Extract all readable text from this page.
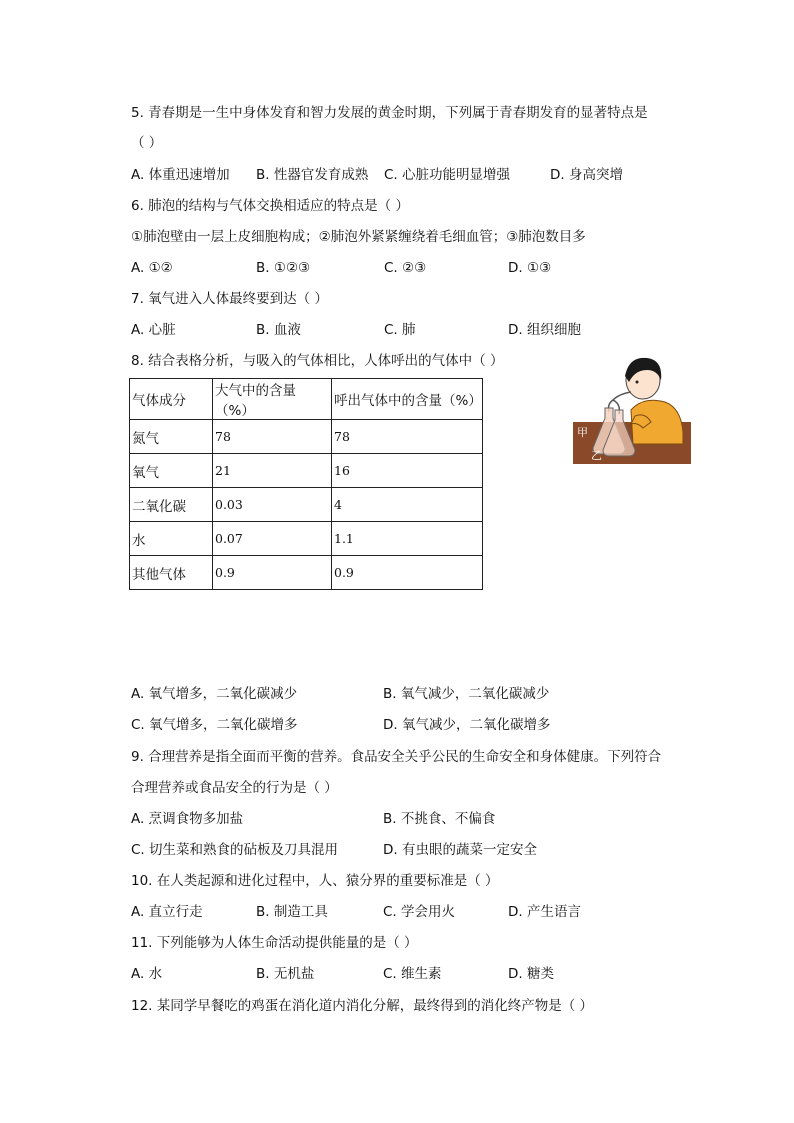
5. 青春期是一生中身体发育和智力发展的黄金时期，下列属于青春期发育的显著特点是
（ ）
A. 体重迅速增加 B. 性器官发育成熟 C. 心脏功能明显增强	D. 身高突增
6. 肺泡的结构与气体交换相适应的特点是（ ）
①肺泡壁由一层上皮细胞构成；②肺泡外紧紧缠绕着毛细血管；③肺泡数目多
A. ①②	B. ①②③	C. ②③	D. ①③
7. 氧气进入人体最终要到达（ ）
A. 心脏	B. 血液	C. 肺	D. 组织细胞
8. 结合表格分析，与吸入的气体相比，人体呼出的气体中（ ）
气体成分	大气中的含量（%）	呼出气体中的含量（%）
氮气	78	78
氧气	21	16
二氧化碳	0.03	4
水	0.07	1.1
其他气体	0.9	0.9
甲
乙
A. 氧气增多，二氧化碳减少	B. 氧气减少，二氧化碳减少
C. 氧气增多，二氧化碳增多	D. 氧气减少，二氧化碳增多
9. 合理营养是指全面而平衡的营养。食品安全关乎公民的生命安全和身体健康。下列符合
合理营养或食品安全的行为是（ ）
A. 烹调食物多加盐	B. 不挑食、不偏食
C. 切生菜和熟食的砧板及刀具混用	D. 有虫眼的蔬菜一定安全
10. 在人类起源和进化过程中，人、猿分界的重要标准是（ ）
A. 直立行走	B. 制造工具	C. 学会用火	D. 产生语言
11. 下列能够为人体生命活动提供能量的是（ ）
A. 水	B. 无机盐	C. 维生素	D. 糖类
12. 某同学早餐吃的鸡蛋在消化道内消化分解，最终得到的消化终产物是（ ）
